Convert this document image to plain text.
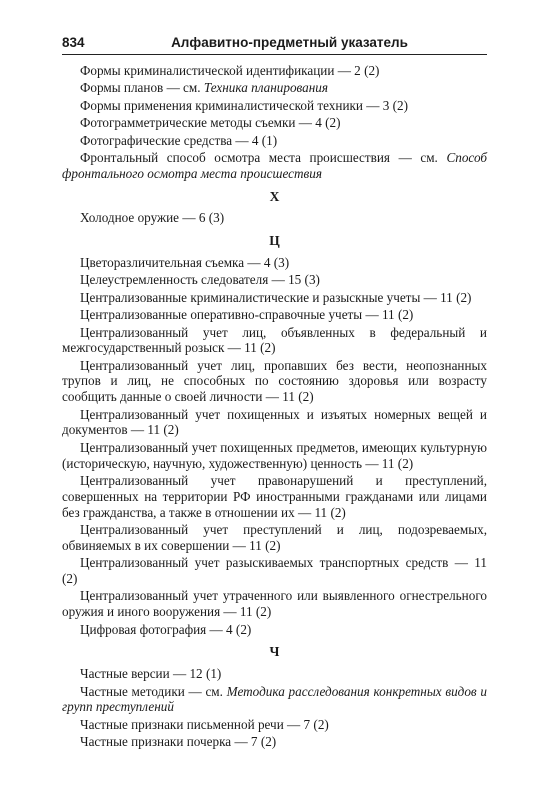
834	Алфавитно-предметный указатель
Формы криминалистической идентификации — 2 (2)
Формы планов — см. Техника планирования
Формы применения криминалистической техники — 3 (2)
Фотограмметрические методы съемки — 4 (2)
Фотографические средства — 4 (1)
Фронтальный способ осмотра места происшествия — см. Способ фронтального осмотра места происшествия
Х
Холодное оружие — 6 (3)
Ц
Цветоразличительная съемка — 4 (3)
Целеустремленность следователя — 15 (3)
Централизованные криминалистические и разыскные учеты — 11 (2)
Централизованные оперативно-справочные учеты — 11 (2)
Централизованный учет лиц, объявленных в федеральный и межгосударственный розыск — 11 (2)
Централизованный учет лиц, пропавших без вести, неопознанных трупов и лиц, не способных по состоянию здоровья или возрасту сообщить данные о своей личности — 11 (2)
Централизованный учет похищенных и изъятых номерных вещей и документов — 11 (2)
Централизованный учет похищенных предметов, имеющих культурную (историческую, научную, художественную) ценность — 11 (2)
Централизованный учет правонарушений и преступлений, совершенных на территории РФ иностранными гражданами или лицами без гражданства, а также в отношении их — 11 (2)
Централизованный учет преступлений и лиц, подозреваемых, обвиняемых в их совершении — 11 (2)
Централизованный учет разыскиваемых транспортных средств — 11 (2)
Централизованный учет утраченного или выявленного огнестрельного оружия и иного вооружения — 11 (2)
Цифровая фотография — 4 (2)
Ч
Частные версии — 12 (1)
Частные методики — см. Методика расследования конкретных видов и групп преступлений
Частные признаки письменной речи — 7 (2)
Частные признаки почерка — 7 (2)
